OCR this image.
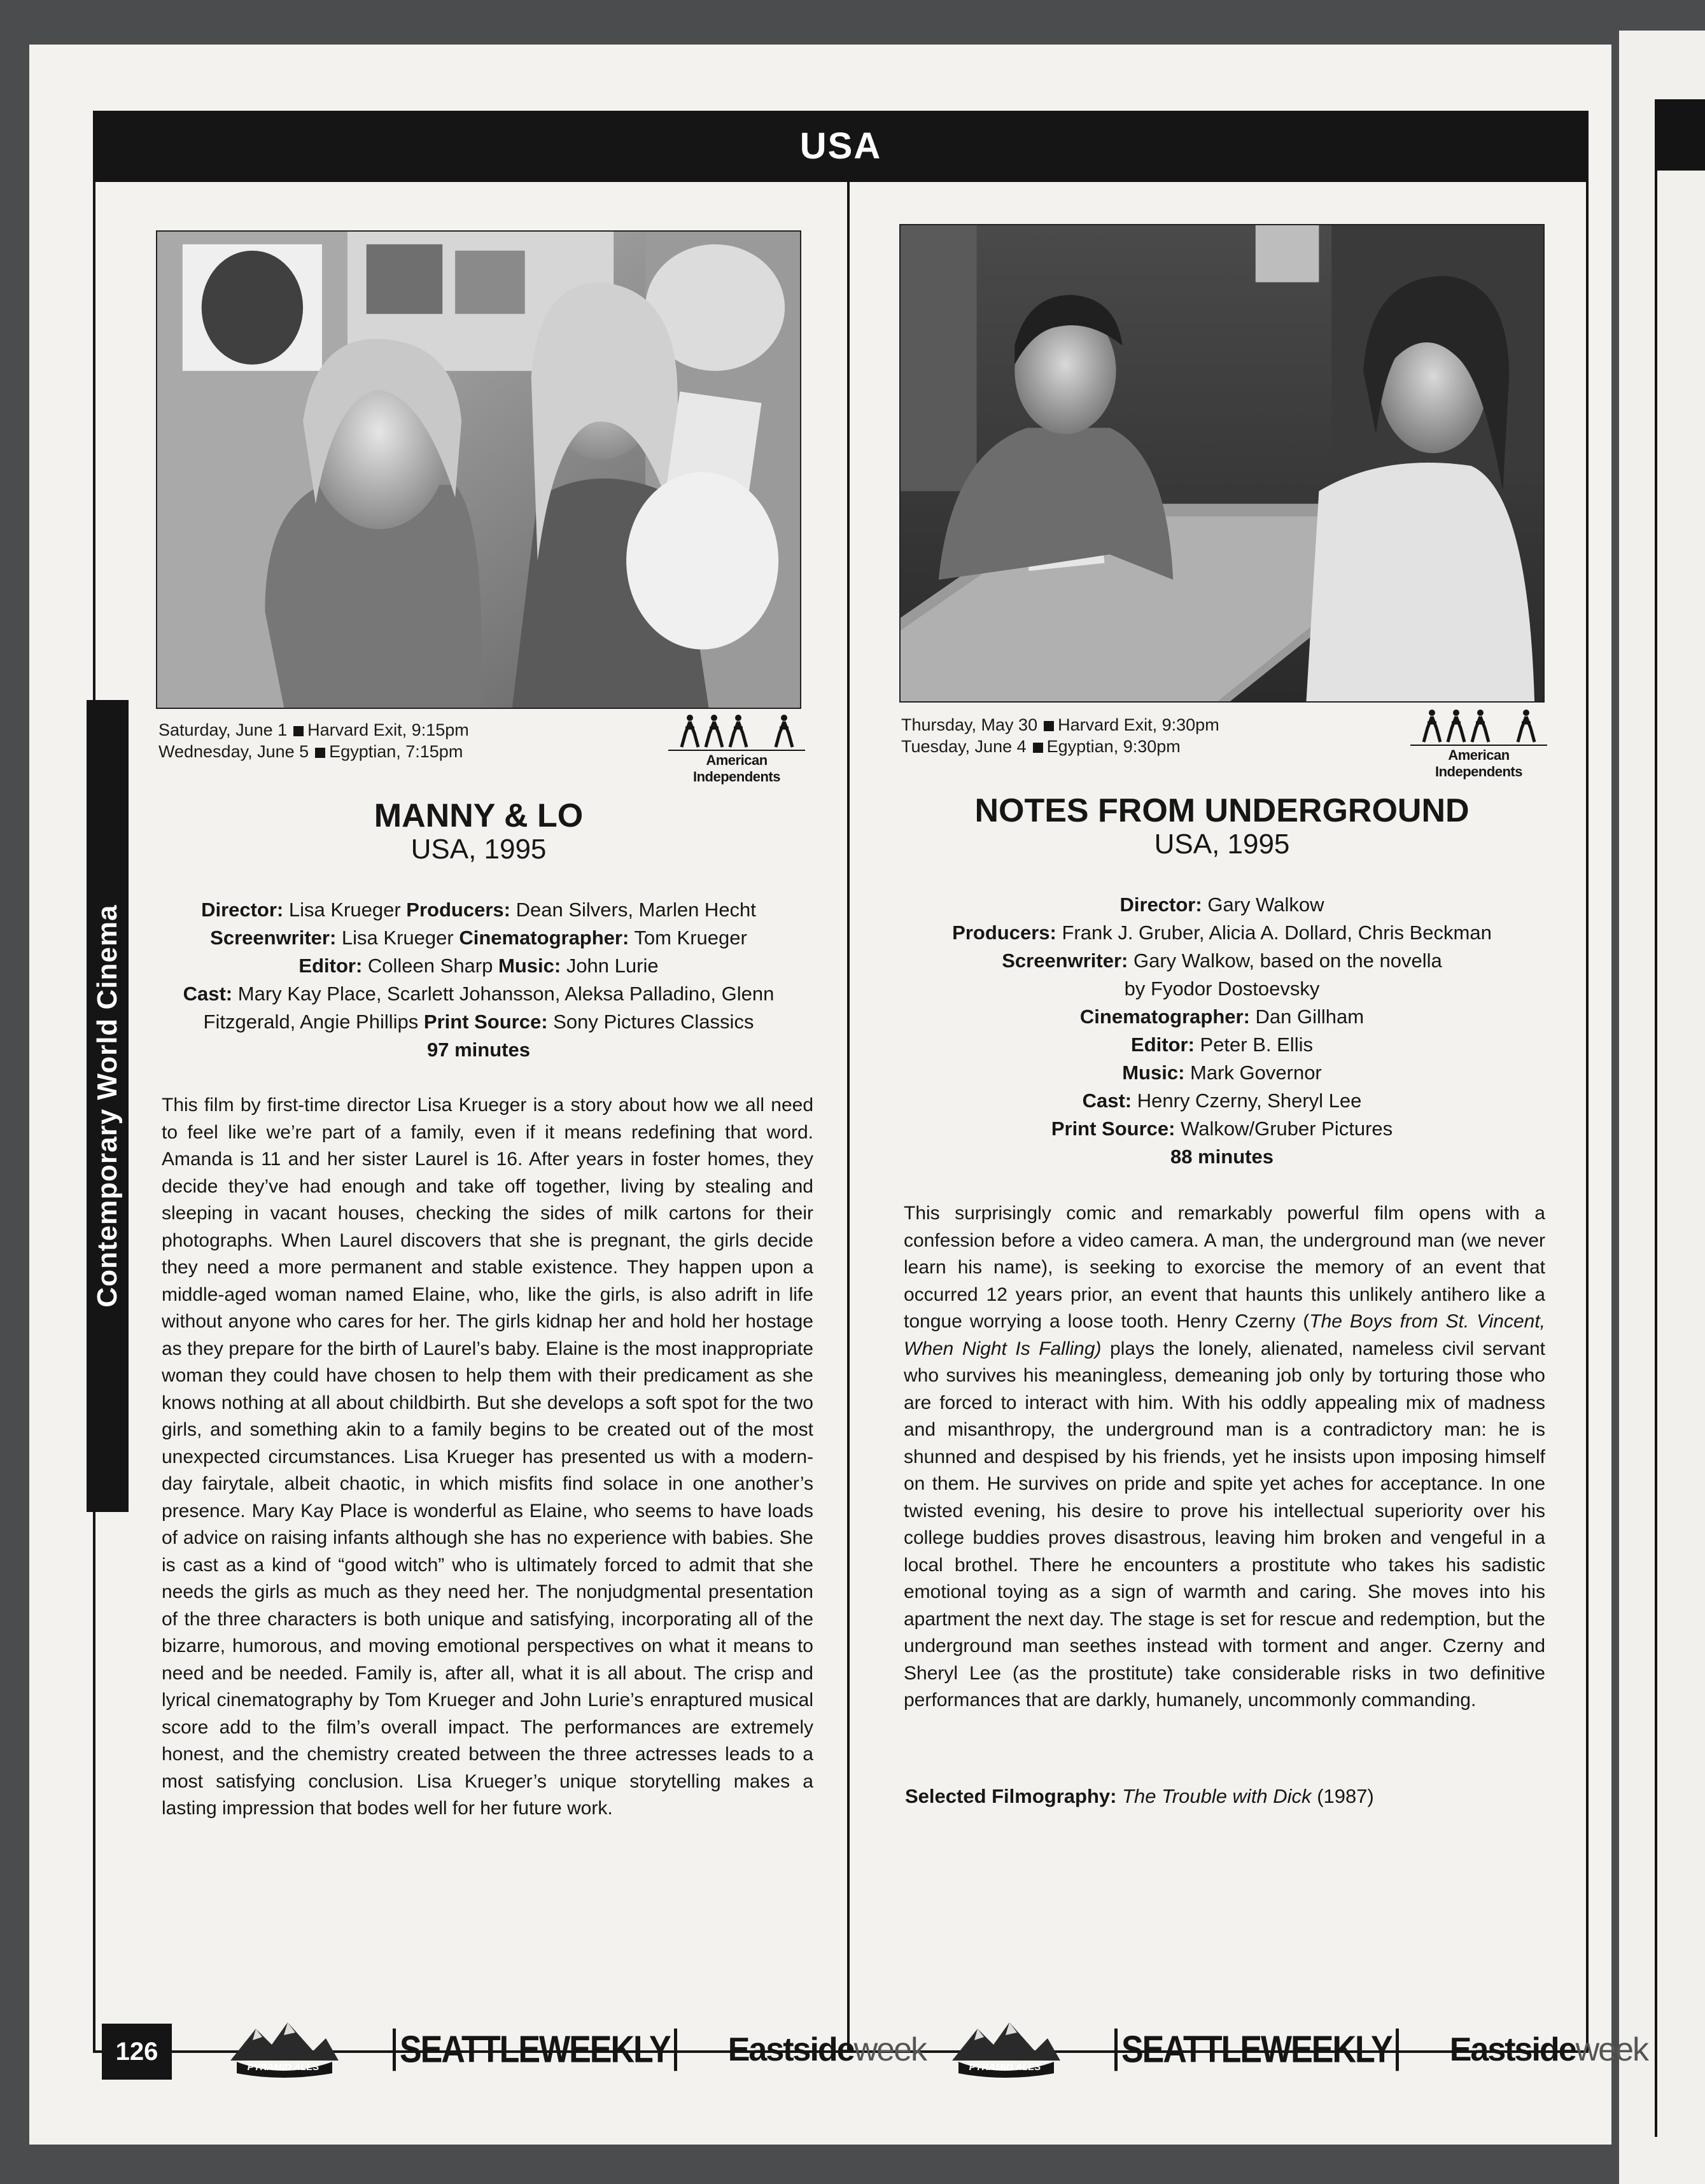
USA
Contemporary World Cinema
Saturday, June 1 Harvard Exit, 9:15pm
Wednesday, June 5 Egyptian, 7:15pm	American Independents
MANNY & LO
USA, 1995
Director: Lisa Krueger Producers: Dean Silvers, Marlen Hecht
Screenwriter: Lisa Krueger Cinematographer: Tom Krueger
Editor: Colleen Sharp Music: John Lurie
Cast: Mary Kay Place, Scarlett Johansson, Aleksa Palladino, Glenn Fitzgerald, Angie Phillips Print Source: Sony Pictures Classics
97 minutes
This film by first-time director Lisa Krueger is a story about how we all need to feel like we’re part of a family, even if it means redefining that word. Amanda is 11 and her sister Laurel is 16. After years in foster homes, they decide they’ve had enough and take off together, living by stealing and sleeping in vacant houses, checking the sides of milk cartons for their photographs. When Laurel discovers that she is pregnant, the girls decide they need a more permanent and stable existence. They happen upon a middle-aged woman named Elaine, who, like the girls, is also adrift in life without anyone who cares for her. The girls kidnap her and hold her hostage as they prepare for the birth of Laurel’s baby. Elaine is the most inappropriate woman they could have chosen to help them with their predicament as she knows nothing at all about childbirth. But she develops a soft spot for the two girls, and something akin to a family begins to be created out of the most unexpected circumstances. Lisa Krueger has presented us with a modern-day fairytale, albeit chaotic, in which misfits find solace in one another’s presence. Mary Kay Place is wonderful as Elaine, who seems to have loads of advice on raising infants although she has no experience with babies. She is cast as a kind of “good witch” who is ultimately forced to admit that she needs the girls as much as they need her. The nonjudgmental presentation of the three characters is both unique and satisfying, incorporating all of the bizarre, humorous, and moving emotional perspectives on what it means to need and be needed. Family is, after all, what it is all about. The crisp and lyrical cinematography by Tom Krueger and John Lurie’s enraptured musical score add to the film’s overall impact. The performances are extremely honest, and the chemistry created between the three actresses leads to a most satisfying conclusion. Lisa Krueger’s unique storytelling makes a lasting impression that bodes well for her future work.
Thursday, May 30 Harvard Exit, 9:30pm
Tuesday, June 4 Egyptian, 9:30pm	American Independents
NOTES FROM UNDERGROUND
USA, 1995
Director: Gary Walkow
Producers: Frank J. Gruber, Alicia A. Dollard, Chris Beckman
Screenwriter: Gary Walkow, based on the novella
by Fyodor Dostoevsky
Cinematographer: Dan Gillham
Editor: Peter B. Ellis
Music: Mark Governor
Cast: Henry Czerny, Sheryl Lee
Print Source: Walkow/Gruber Pictures
88 minutes
This surprisingly comic and remarkably powerful film opens with a confession before a video camera. A man, the underground man (we never learn his name), is seeking to exorcise the memory of an event that occurred 12 years prior, an event that haunts this unlikely antihero like a tongue worrying a loose tooth. Henry Czerny (The Boys from St. Vincent, When Night Is Falling) plays the lonely, alienated, nameless civil servant who survives his meaningless, demeaning job only by torturing those who are forced to interact with him. With his oddly appealing mix of madness and misanthropy, the underground man is a contradictory man: he is shunned and despised by his friends, yet he insists upon imposing himself on them. He survives on pride and spite yet aches for acceptance. In one twisted evening, his desire to prove his intellectual superiority over his college buddies proves disastrous, leaving him broken and vengeful in a local brothel. There he encounters a prostitute who takes his sadistic emotional toying as a sign of warmth and caring. She moves into his apartment the next day. The stage is set for rescue and redemption, but the underground man seethes instead with torment and anger. Czerny and Sheryl Lee (as the prostitute) take considerable risks in two definitive performances that are darkly, humanely, uncommonly commanding.
Selected Filmography: The Trouble with Dick (1987)
126
PYRAMID ALES SEATTLEWEEKLY Eastsideweek	PYRAMID ALES SEATTLEWEEKLY Eastsideweek
